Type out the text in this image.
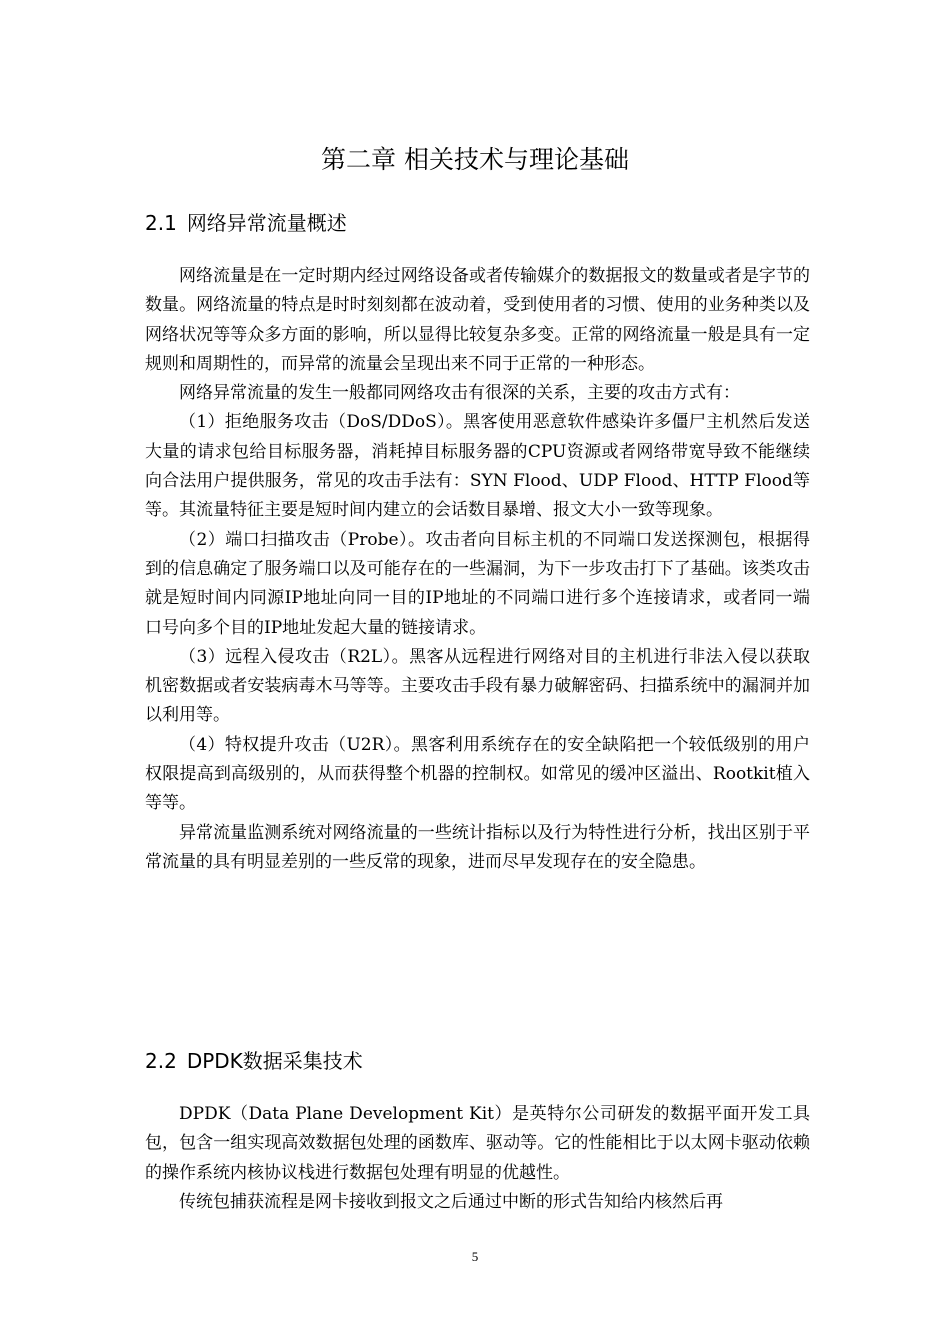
第二章 相关技术与理论基础
2.1 网络异常流量概述

网络流量是在一定时期内经过网络设备或者传输媒介的数据报文的数量或者是字节的数量。网络流量的特点是时时刻刻都在波动着，受到使用者的习惯、使用的业务种类以及网络状况等等众多方面的影响，所以显得比较复杂多变。正常的网络流量一般是具有一定规则和周期性的，而异常的流量会呈现出来不同于正常的一种形态。

网络异常流量的发生一般都同网络攻击有很深的关系，主要的攻击方式有：

（1）拒绝服务攻击（DoS/DDoS）。黑客使用恶意软件感染许多僵尸主机然后发送大量的请求包给目标服务器，消耗掉目标服务器的CPU资源或者网络带宽导致不能继续向合法用户提供服务，常见的攻击手法有：SYN Flood、UDP Flood、HTTP Flood等等。其流量特征主要是短时间内建立的会话数目暴增、报文大小一致等现象。

（2）端口扫描攻击（Probe）。攻击者向目标主机的不同端口发送探测包，根据得到的信息确定了服务端口以及可能存在的一些漏洞，为下一步攻击打下了基础。该类攻击就是短时间内同源IP地址向同一目的IP地址的不同端口进行多个连接请求，或者同一端口号向多个目的IP地址发起大量的链接请求。

（3）远程入侵攻击（R2L）。黑客从远程进行网络对目的主机进行非法入侵以获取机密数据或者安装病毒木马等等。主要攻击手段有暴力破解密码、扫描系统中的漏洞并加以利用等。

（4）特权提升攻击（U2R）。黑客利用系统存在的安全缺陷把一个较低级别的用户权限提高到高级别的，从而获得整个机器的控制权。如常见的缓冲区溢出、Rootkit植入等等。

异常流量监测系统对网络流量的一些统计指标以及行为特性进行分析，找出区别于平常流量的具有明显差别的一些反常的现象，进而尽早发现存在的安全隐患。

2.2 DPDK数据采集技术

DPDK（Data Plane Development Kit）是英特尔公司研发的数据平面开发工具包，包含一组实现高效数据包处理的函数库、驱动等。它的性能相比于以太网卡驱动依赖的操作系统内核协议栈进行数据包处理有明显的优越性。

传统包捕获流程是网卡接收到报文之后通过中断的形式告知给内核然后再

5
